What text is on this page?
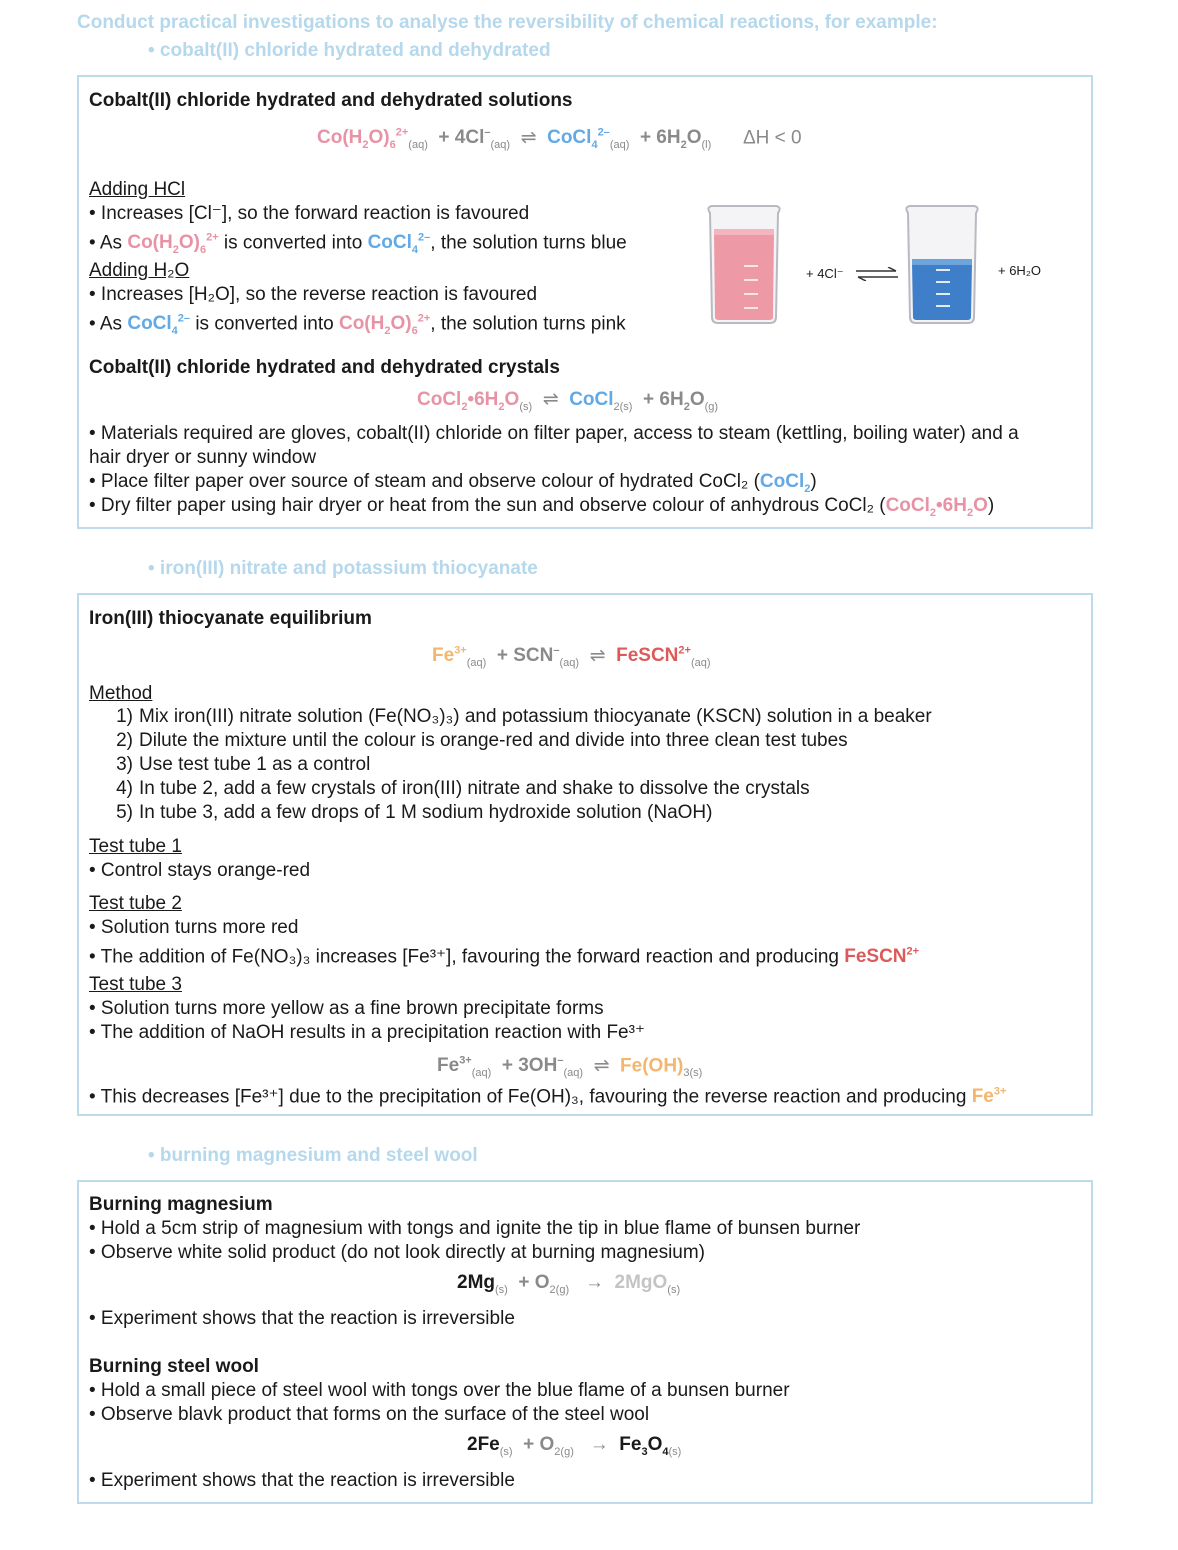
Conduct practical investigations to analyse the reversibility of chemical reactions, for example:
• cobalt(II) chloride hydrated and dehydrated
Cobalt(II) chloride hydrated and dehydrated solutions
$Co(H_2O)_6^{2+}_{(aq)} + 4Cl^-_{(aq)}$ ⇌ CoCl$_4^{2-}_{(aq)}$ + $6H_2O_{(l)}$ ΔH < 0
Adding HCl
• Increases [Cl⁻], so the forward reaction is favoured
• As $Co(H_2O)_6^{2+}$ is converted into CoCl$_4^{2-}$, the solution turns blue
Adding H₂O
• Increases [H₂O], so the reverse reaction is favoured
• As CoCl$_4^{2-}$ is converted into $Co(H_2O)_6^{2+}$, the solution turns pink
+ 4Cl⁻ ⇌	+ 6H₂O
Cobalt(II) chloride hydrated and dehydrated crystals
$CoCl_2•6H_2O_{(s)}$ ⇌ CoCl$_{2(s)}$ + $6H_2O_{(g)}$
• Materials required are gloves, cobalt(II) chloride on filter paper, access to steam (kettling, boiling water) and a
hair dryer or sunny window
• Place filter paper over source of steam and observe colour of hydrated CoCl₂ (CoCl$_2$)
• Dry filter paper using hair dryer or heat from the sun and observe colour of anhydrous CoCl₂ $(CoCl_2•6H_2O)$
• iron(III) nitrate and potassium thiocyanate
Iron(III) thiocyanate equilibrium
$Fe^{3+}_{(aq)} + SCN^-_{(aq)}$ ⇌ FeSCN$^{2+}_{(aq)}$
Method
1) Mix iron(III) nitrate solution (Fe(NO₃)₃) and potassium thiocyanate (KSCN) solution in a beaker
2) Dilute the mixture until the colour is orange-red and divide into three clean test tubes
3) Use test tube 1 as a control
4) In tube 2, add a few crystals of iron(III) nitrate and shake to dissolve the crystals
5) In tube 3, add a few drops of 1 M sodium hydroxide solution (NaOH)
Test tube 1
• Control stays orange-red
Test tube 2
• Solution turns more red
• The addition of Fe(NO₃)₃ increases [Fe³⁺], favouring the forward reaction and producing FeSCN$^{2+}$
Test tube 3
• Solution turns more yellow as a fine brown precipitate forms
• The addition of NaOH results in a precipitation reaction with Fe³⁺
$Fe^{3+}_{(aq)} + 3OH^-_{(aq)}$ ⇌ $Fe(OH)_{3(s)}$
• This decreases [Fe³⁺] due to the precipitation of Fe(OH)₃, favouring the reverse reaction and producing $Fe^{3+}$
• burning magnesium and steel wool
Burning magnesium
• Hold a 5cm strip of magnesium with tongs and ignite the tip in blue flame of bunsen burner
• Observe white solid product (do not look directly at burning magnesium)
$2Mg_{(s)} + O_{2(g)} \to 2MgO_{(s)}$
• Experiment shows that the reaction is irreversible
Burning steel wool
• Hold a small piece of steel wool with tongs over the blue flame of a bunsen burner
• Observe blavk product that forms on the surface of the steel wool
$2Fe_{(s)} + O_{2(g)} \to Fe_3O_{4(s)}$
• Experiment shows that the reaction is irreversible
